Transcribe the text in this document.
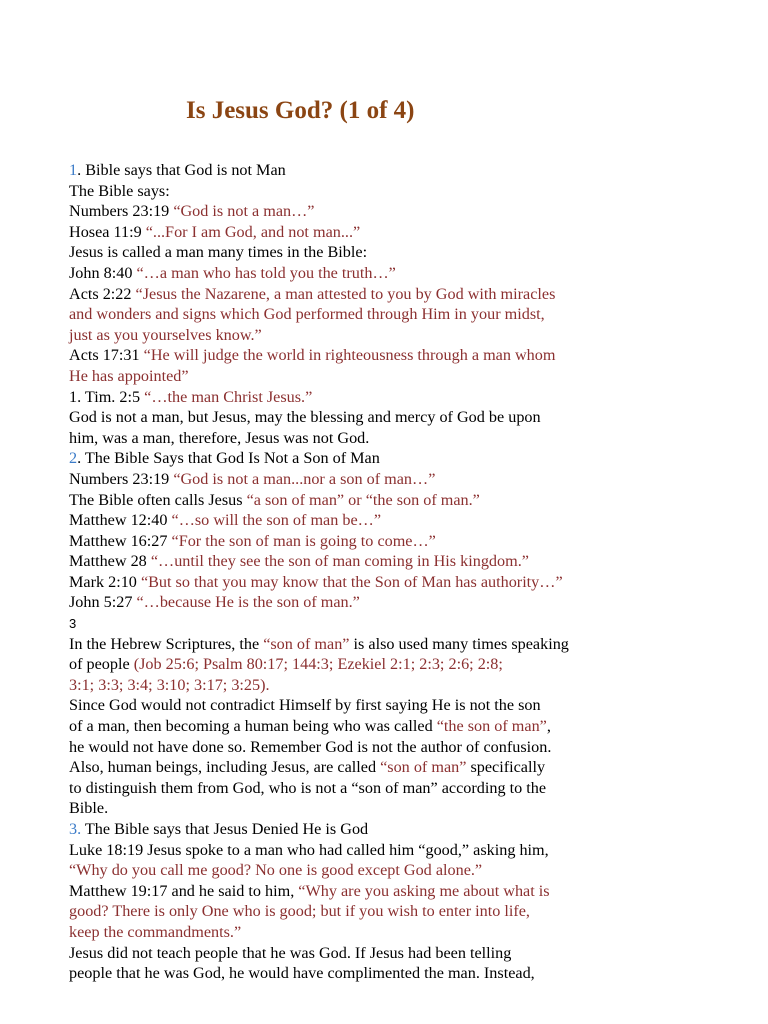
Is Jesus God? (1 of 4)
1. Bible says that God is not Man
The Bible says:
Numbers 23:19 “God is not a man…”
Hosea 11:9 “...For I am God, and not man...”
Jesus is called a man many times in the Bible:
John 8:40 “…a man who has told you the truth…”
Acts 2:22 “Jesus the Nazarene, a man attested to you by God with miracles
and wonders and signs which God performed through Him in your midst,
just as you yourselves know.”
Acts 17:31 “He will judge the world in righteousness through a man whom
He has appointed”
1. Tim. 2:5 “…the man Christ Jesus.”
God is not a man, but Jesus, may the blessing and mercy of God be upon
him, was a man, therefore, Jesus was not God.
2. The Bible Says that God Is Not a Son of Man
Numbers 23:19 “God is not a man...nor a son of man…”
The Bible often calls Jesus “a son of man” or “the son of man.”
Matthew 12:40 “…so will the son of man be…”
Matthew 16:27 “For the son of man is going to come…”
Matthew 28 “…until they see the son of man coming in His kingdom.”
Mark 2:10 “But so that you may know that the Son of Man has authority…”
John 5:27 “…because He is the son of man.”
3
In the Hebrew Scriptures, the “son of man” is also used many times speaking
of people (Job 25:6; Psalm 80:17; 144:3; Ezekiel 2:1; 2:3; 2:6; 2:8;
3:1; 3:3; 3:4; 3:10; 3:17; 3:25).
Since God would not contradict Himself by first saying He is not the son
of a man, then becoming a human being who was called “the son of man”,
he would not have done so. Remember God is not the author of confusion.
Also, human beings, including Jesus, are called “son of man” specifically
to distinguish them from God, who is not a “son of man” according to the
Bible.
3. The Bible says that Jesus Denied He is God
Luke 18:19 Jesus spoke to a man who had called him “good,” asking him,
“Why do you call me good? No one is good except God alone.”
Matthew 19:17 and he said to him, “Why are you asking me about what is
good? There is only One who is good; but if you wish to enter into life,
keep the commandments.”
Jesus did not teach people that he was God. If Jesus had been telling
people that he was God, he would have complimented the man. Instead,
